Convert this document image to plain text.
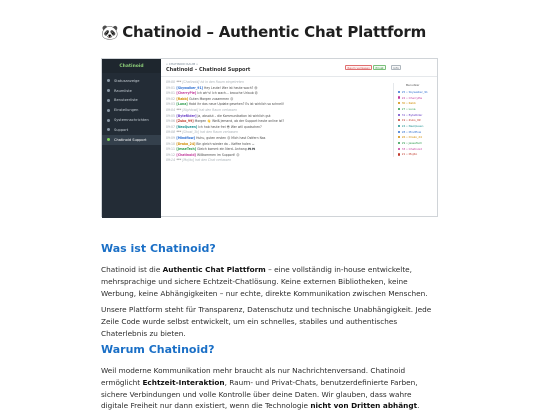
🐼 Chatinoid – Authentic Chat Plattform
Chatinoid
Statusanzeige
Raumliste
Benutzerliste
Einstellungen
Systemnachrichten
Support
Chatinoid Support
« CHATINOID RAUM »
Chatinoid – Chatinoid Support	Raum verlassen	Privat	Info
09:00 ***[Chatinoid] ist in den Raum eingetreten
09:01 [Skywalker_91]Hey Leute! Wer ist heute wach? 😃
09:01 [CherryPie]Ich wir's! Ich wach... brauche Urlaub 😩
09:02 [Rabb]Guten Morgen zusammen 😊
09:03 [Luna]Habt ihr das neue Update gesehen? Es ist wirklich so schnell!
09:04 ***[Nightowl] hat den Raum verlassen
09:05 [ByteRider]Ja, absolut – die Kommunikation ist wirklich gut
09:06 [Zuko_99]Morgen 👋 Weiß jemand, ob der Support heute online ist?
09:07 [NeoQueen]Ich hab heute frei 😎 Wer will quatschen?
09:08 ***[Ghost_3k] hat den Raum verlassen
09:09 [Mindflow]Huhu, guten ersten 😊 Mich hast Ostfern Nas
09:10 [Drako_24]Bin gleich wieder da – Kaffee holen ☕
09:11 [JesseTech]Gleich kommt ein Nerd- Anhang 🎮🎮
09:12 [Chatinoid]Willkommen im Support! 😊
09:14 ***[Mojito] hat den Chat verlassen
Benutzer
25 • Skywalker_91
22 • CherryPie
30 • Rabb
27 • Luna
31 • ByteRider
19 • Zuko_99
24 • NeoQueen
28 • Mindflow
26 • Drako_24
29 • JesseTech
33 • Chatinoid
21 • Mojito
Was ist Chatinoid?

Chatinoid ist die Authentic Chat Plattform – eine vollständig in-house entwickelte, mehrsprachige und sichere Echtzeit-Chatlösung. Keine externen Bibliotheken, keine Werbung, keine Abhängigkeiten – nur echte, direkte Kommunikation zwischen Menschen.

Unsere Plattform steht für Transparenz, Datenschutz und technische Unabhängigkeit. Jede Zeile Code wurde selbst entwickelt, um ein schnelles, stabiles und authentisches Chaterlebnis zu bieten.

Warum Chatinoid?

Weil moderne Kommunikation mehr braucht als nur Nachrichtenversand. Chatinoid ermöglicht Echtzeit-Interaktion, Raum- und Privat-Chats, benutzerdefinierte Farben, sichere Verbindungen und volle Kontrolle über deine Daten. Wir glauben, dass wahre digitale Freiheit nur dann existiert, wenn die Technologie nicht von Dritten abhängt.
